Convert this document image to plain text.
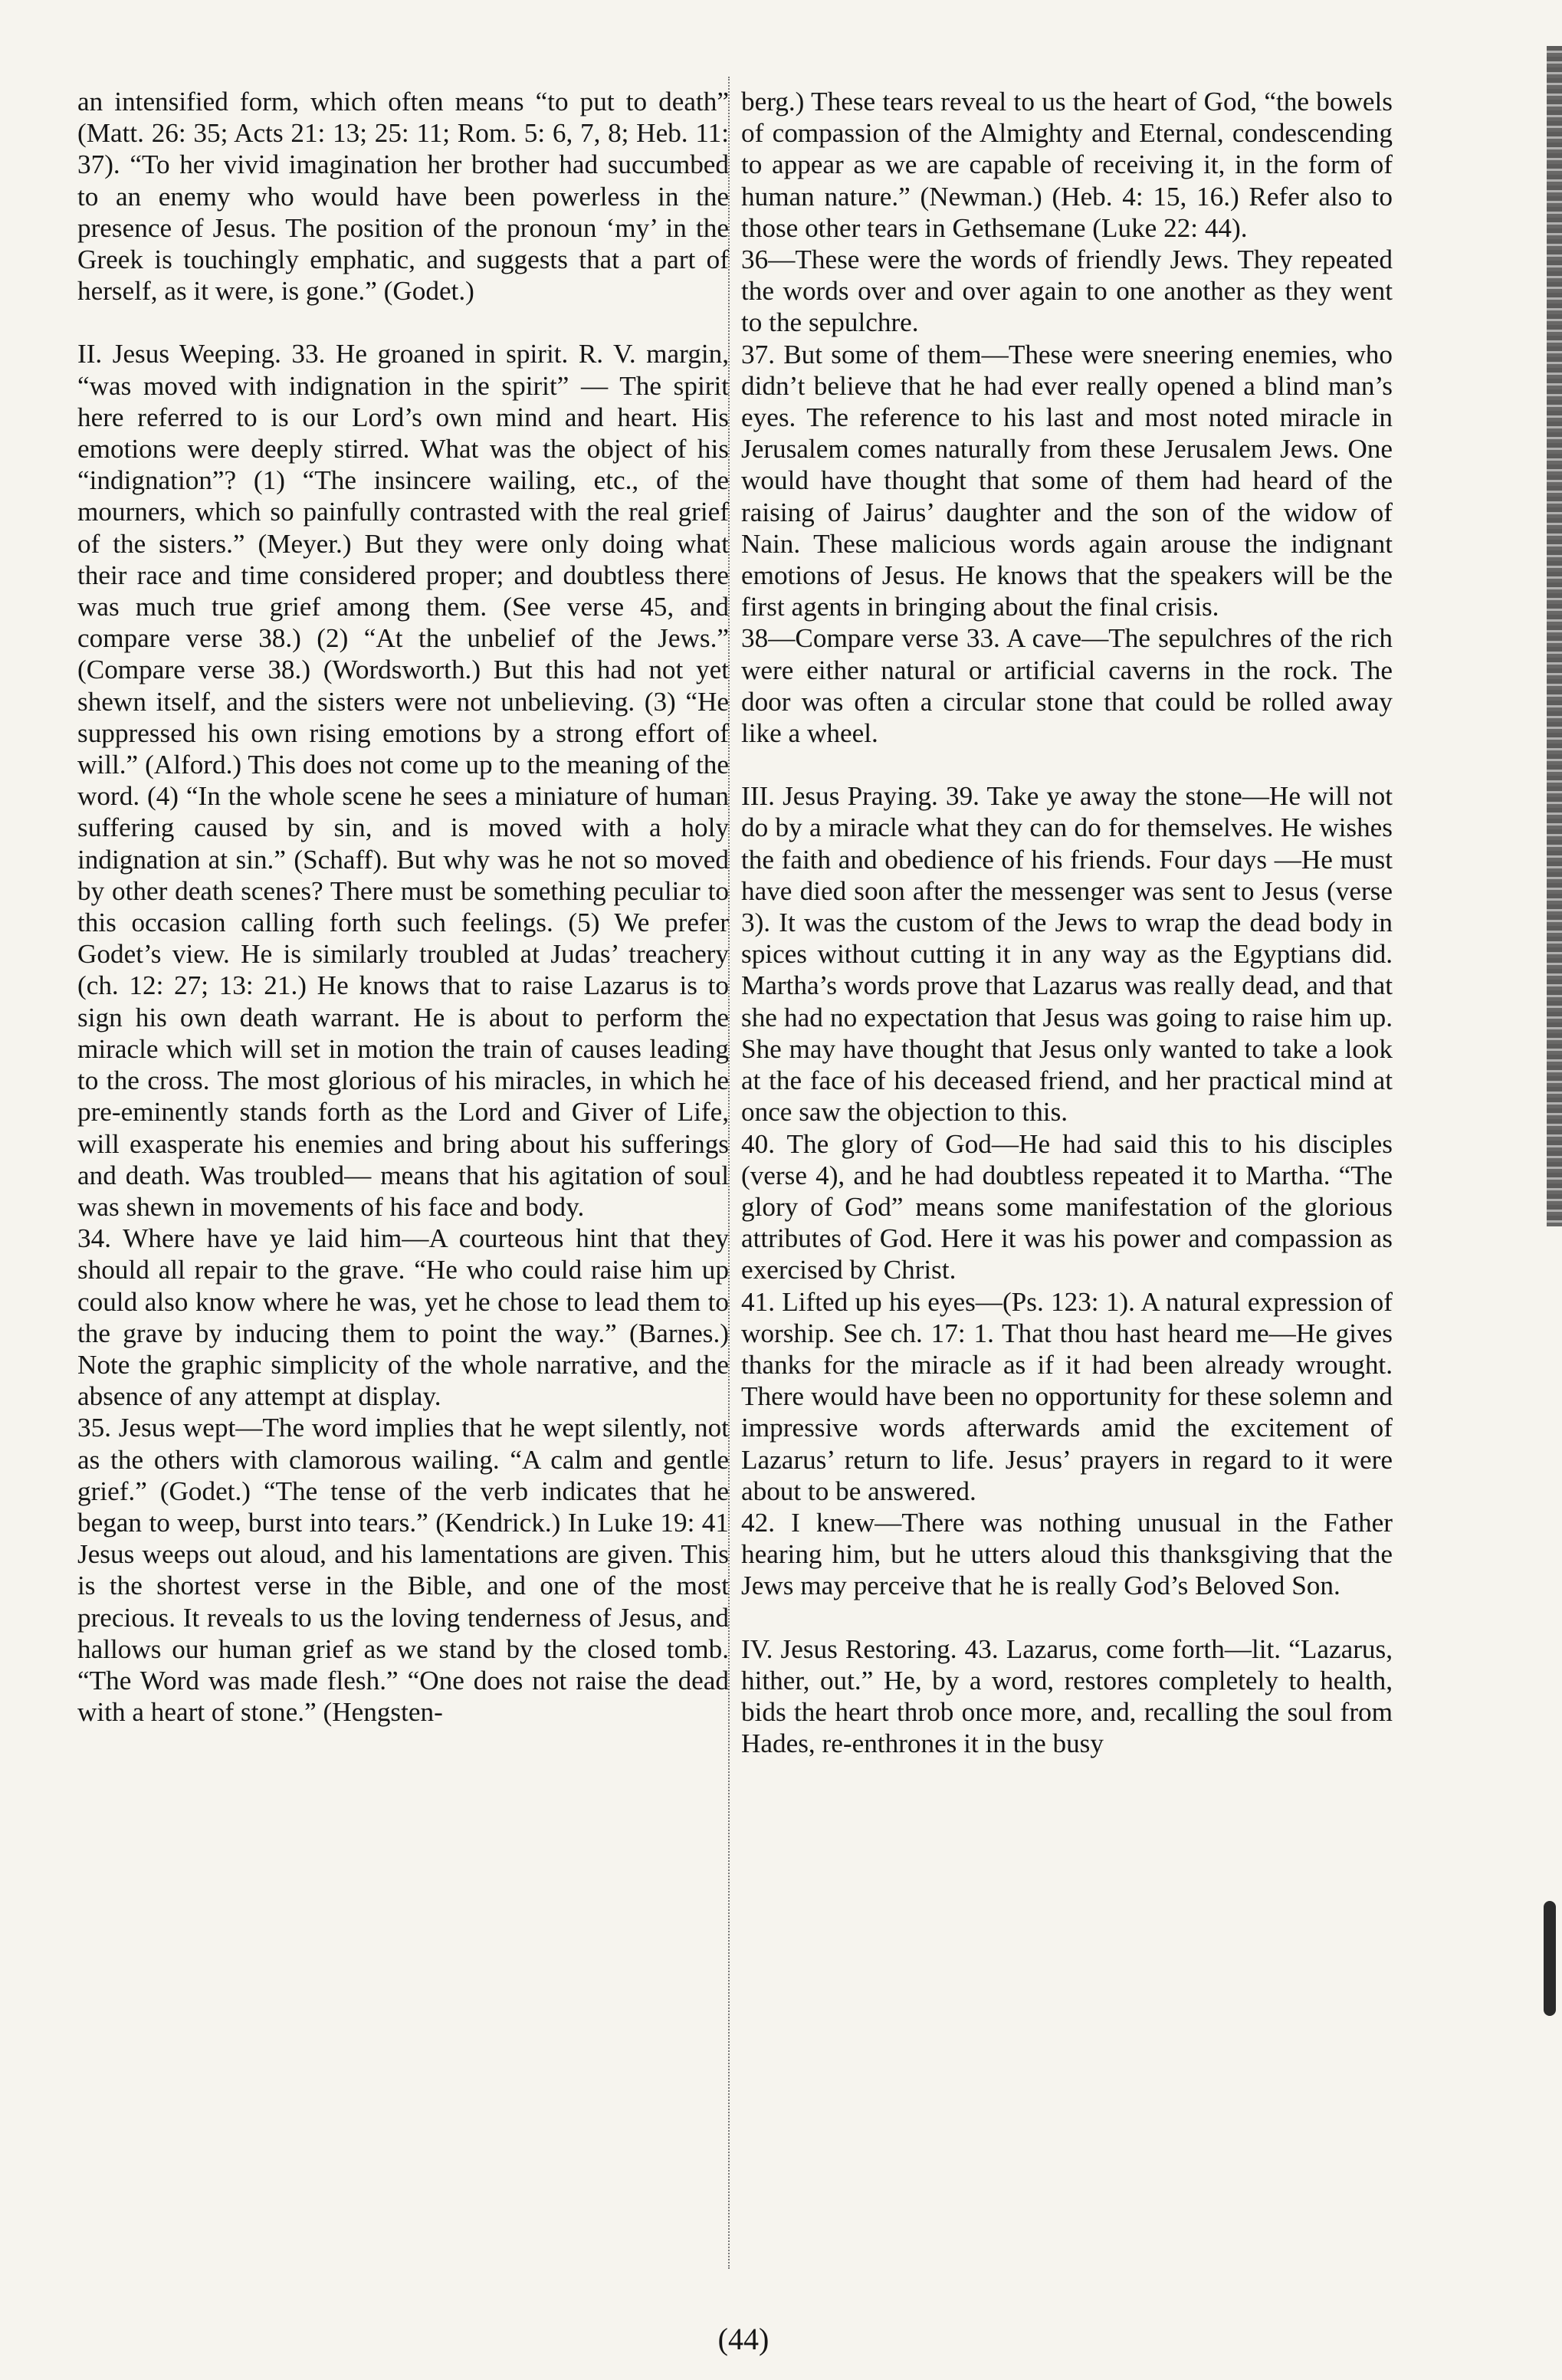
an intensified form, which often means “to put to death” (Matt. 26: 35; Acts 21: 13; 25: 11; Rom. 5: 6, 7, 8; Heb. 11: 37). “To her vivid imagination her brother had succumbed to an enemy who would have been powerless in the presence of Jesus. The position of the pronoun ‘my’ in the Greek is touchingly emphatic, and suggests that a part of herself, as it were, is gone.” (Godet.)

II. Jesus Weeping. 33. He groaned in spirit. R. V. margin, “was moved with indignation in the spirit” — The spirit here referred to is our Lord’s own mind and heart. His emotions were deeply stirred. What was the object of his “indignation”? (1) “The insincere wailing, etc., of the mourners, which so painfully contrasted with the real grief of the sisters.” (Meyer.) But they were only doing what their race and time considered proper; and doubtless there was much true grief among them. (See verse 45, and compare verse 38.) (2) “At the unbelief of the Jews.” (Compare verse 38.) (Wordsworth.) But this had not yet shewn itself, and the sisters were not unbelieving. (3) “He suppressed his own rising emotions by a strong effort of will.” (Alford.) This does not come up to the meaning of the word. (4) “In the whole scene he sees a miniature of human suffering caused by sin, and is moved with a holy indignation at sin.” (Schaff). But why was he not so moved by other death scenes? There must be something peculiar to this occasion calling forth such feelings. (5) We prefer Godet’s view. He is similarly troubled at Judas’ treachery (ch. 12: 27; 13: 21.) He knows that to raise Lazarus is to sign his own death warrant. He is about to perform the miracle which will set in motion the train of causes leading to the cross. The most glorious of his miracles, in which he pre-eminently stands forth as the Lord and Giver of Life, will exasperate his enemies and bring about his sufferings and death. Was troubled— means that his agitation of soul was shewn in movements of his face and body.

34. Where have ye laid him—A courteous hint that they should all repair to the grave. “He who could raise him up could also know where he was, yet he chose to lead them to the grave by inducing them to point the way.” (Barnes.) Note the graphic simplicity of the whole narrative, and the absence of any attempt at display.

35. Jesus wept—The word implies that he wept silently, not as the others with clamorous wailing. “A calm and gentle grief.” (Godet.) “The tense of the verb indicates that he began to weep, burst into tears.” (Kendrick.) In Luke 19: 41 Jesus weeps out aloud, and his lamentations are given. This is the shortest verse in the Bible, and one of the most precious. It reveals to us the loving tenderness of Jesus, and hallows our human grief as we stand by the closed tomb. “The Word was made flesh.” “One does not raise the dead with a heart of stone.” (Hengsten-

berg.) These tears reveal to us the heart of God, “the bowels of compassion of the Almighty and Eternal, condescending to appear as we are capable of receiving it, in the form of human nature.” (Newman.) (Heb. 4: 15, 16.) Refer also to those other tears in Gethsemane (Luke 22: 44).

36—These were the words of friendly Jews. They repeated the words over and over again to one another as they went to the sepulchre.

37. But some of them—These were sneering enemies, who didn’t believe that he had ever really opened a blind man’s eyes. The reference to his last and most noted miracle in Jerusalem comes naturally from these Jerusalem Jews. One would have thought that some of them had heard of the raising of Jairus’ daughter and the son of the widow of Nain. These malicious words again arouse the indignant emotions of Jesus. He knows that the speakers will be the first agents in bringing about the final crisis.

38—Compare verse 33. A cave—The sepulchres of the rich were either natural or artificial caverns in the rock. The door was often a circular stone that could be rolled away like a wheel.

III. Jesus Praying. 39. Take ye away the stone—He will not do by a miracle what they can do for themselves. He wishes the faith and obedience of his friends. Four days —He must have died soon after the messenger was sent to Jesus (verse 3). It was the custom of the Jews to wrap the dead body in spices without cutting it in any way as the Egyptians did. Martha’s words prove that Lazarus was really dead, and that she had no expectation that Jesus was going to raise him up. She may have thought that Jesus only wanted to take a look at the face of his deceased friend, and her practical mind at once saw the objection to this.

40. The glory of God—He had said this to his disciples (verse 4), and he had doubtless repeated it to Martha. “The glory of God” means some manifestation of the glorious attributes of God. Here it was his power and compassion as exercised by Christ.

41. Lifted up his eyes—(Ps. 123: 1). A natural expression of worship. See ch. 17: 1. That thou hast heard me—He gives thanks for the miracle as if it had been already wrought. There would have been no opportunity for these solemn and impressive words afterwards amid the excitement of Lazarus’ return to life. Jesus’ prayers in regard to it were about to be answered.

42. I knew—There was nothing unusual in the Father hearing him, but he utters aloud this thanksgiving that the Jews may perceive that he is really God’s Beloved Son.

IV. Jesus Restoring. 43. Lazarus, come forth—lit. “Lazarus, hither, out.” He, by a word, restores completely to health, bids the heart throb once more, and, recalling the soul from Hades, re-enthrones it in the busy

(44)
